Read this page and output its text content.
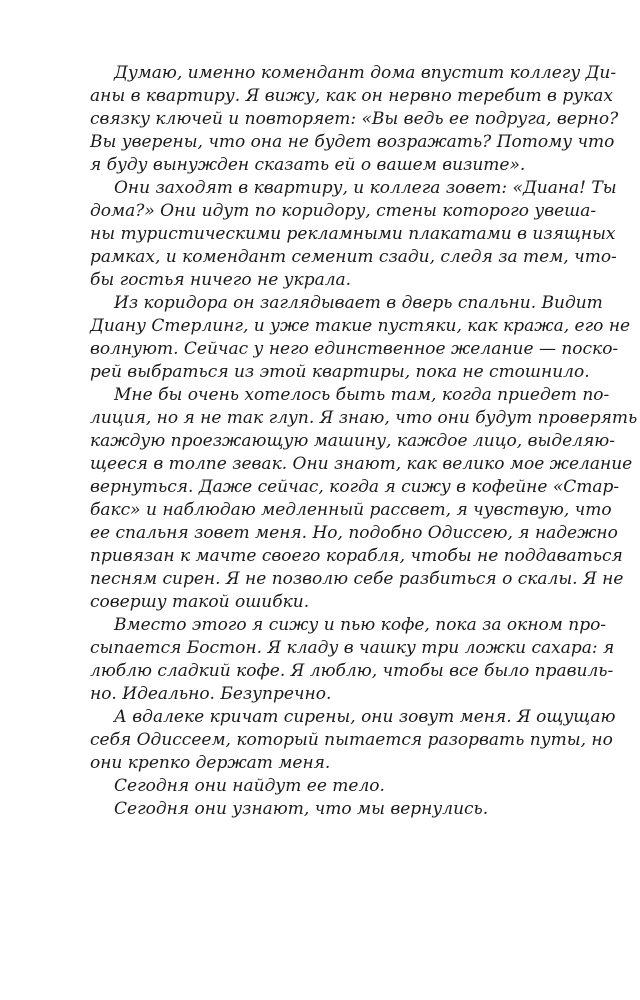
Думаю, именно комендант дома впустит коллегу Ди-
аны в квартиру. Я вижу, как он нервно теребит в руках
связку ключей и повторяет: «Вы ведь ее подруга, верно?
Вы уверены, что она не будет возражать? Потому что
я буду вынужден сказать ей о вашем визите».

Они заходят в квартиру, и коллега зовет: «Диана! Ты
дома?» Они идут по коридору, стены которого увеша-
ны туристическими рекламными плакатами в изящных
рамках, и комендант семенит сзади, следя за тем, что-
бы гостья ничего не украла.

Из коридора он заглядывает в дверь спальни. Видит
Диану Стерлинг, и уже такие пустяки, как кража, его не
волнуют. Сейчас у него единственное желание — поско-
рей выбраться из этой квартиры, пока не стошнило.

Мне бы очень хотелось быть там, когда приедет по-
лиция, но я не так глуп. Я знаю, что они будут проверять
каждую проезжающую машину, каждое лицо, выделяю-
щееся в толпе зевак. Они знают, как велико мое желание
вернуться. Даже сейчас, когда я сижу в кофейне «Стар-
бакс» и наблюдаю медленный рассвет, я чувствую, что
ее спальня зовет меня. Но, подобно Одиссею, я надежно
привязан к мачте своего корабля, чтобы не поддаваться
песням сирен. Я не позволю себе разбиться о скалы. Я не
совершу такой ошибки.

Вместо этого я сижу и пью кофе, пока за окном про-
сыпается Бостон. Я кладу в чашку три ложки сахара: я
люблю сладкий кофе. Я люблю, чтобы все было правиль-
но. Идеально. Безупречно.

А вдалеке кричат сирены, они зовут меня. Я ощущаю
себя Одиссеем, который пытается разорвать путы, но
они крепко держат меня.

Сегодня они найдут ее тело.

Сегодня они узнают, что мы вернулись.
